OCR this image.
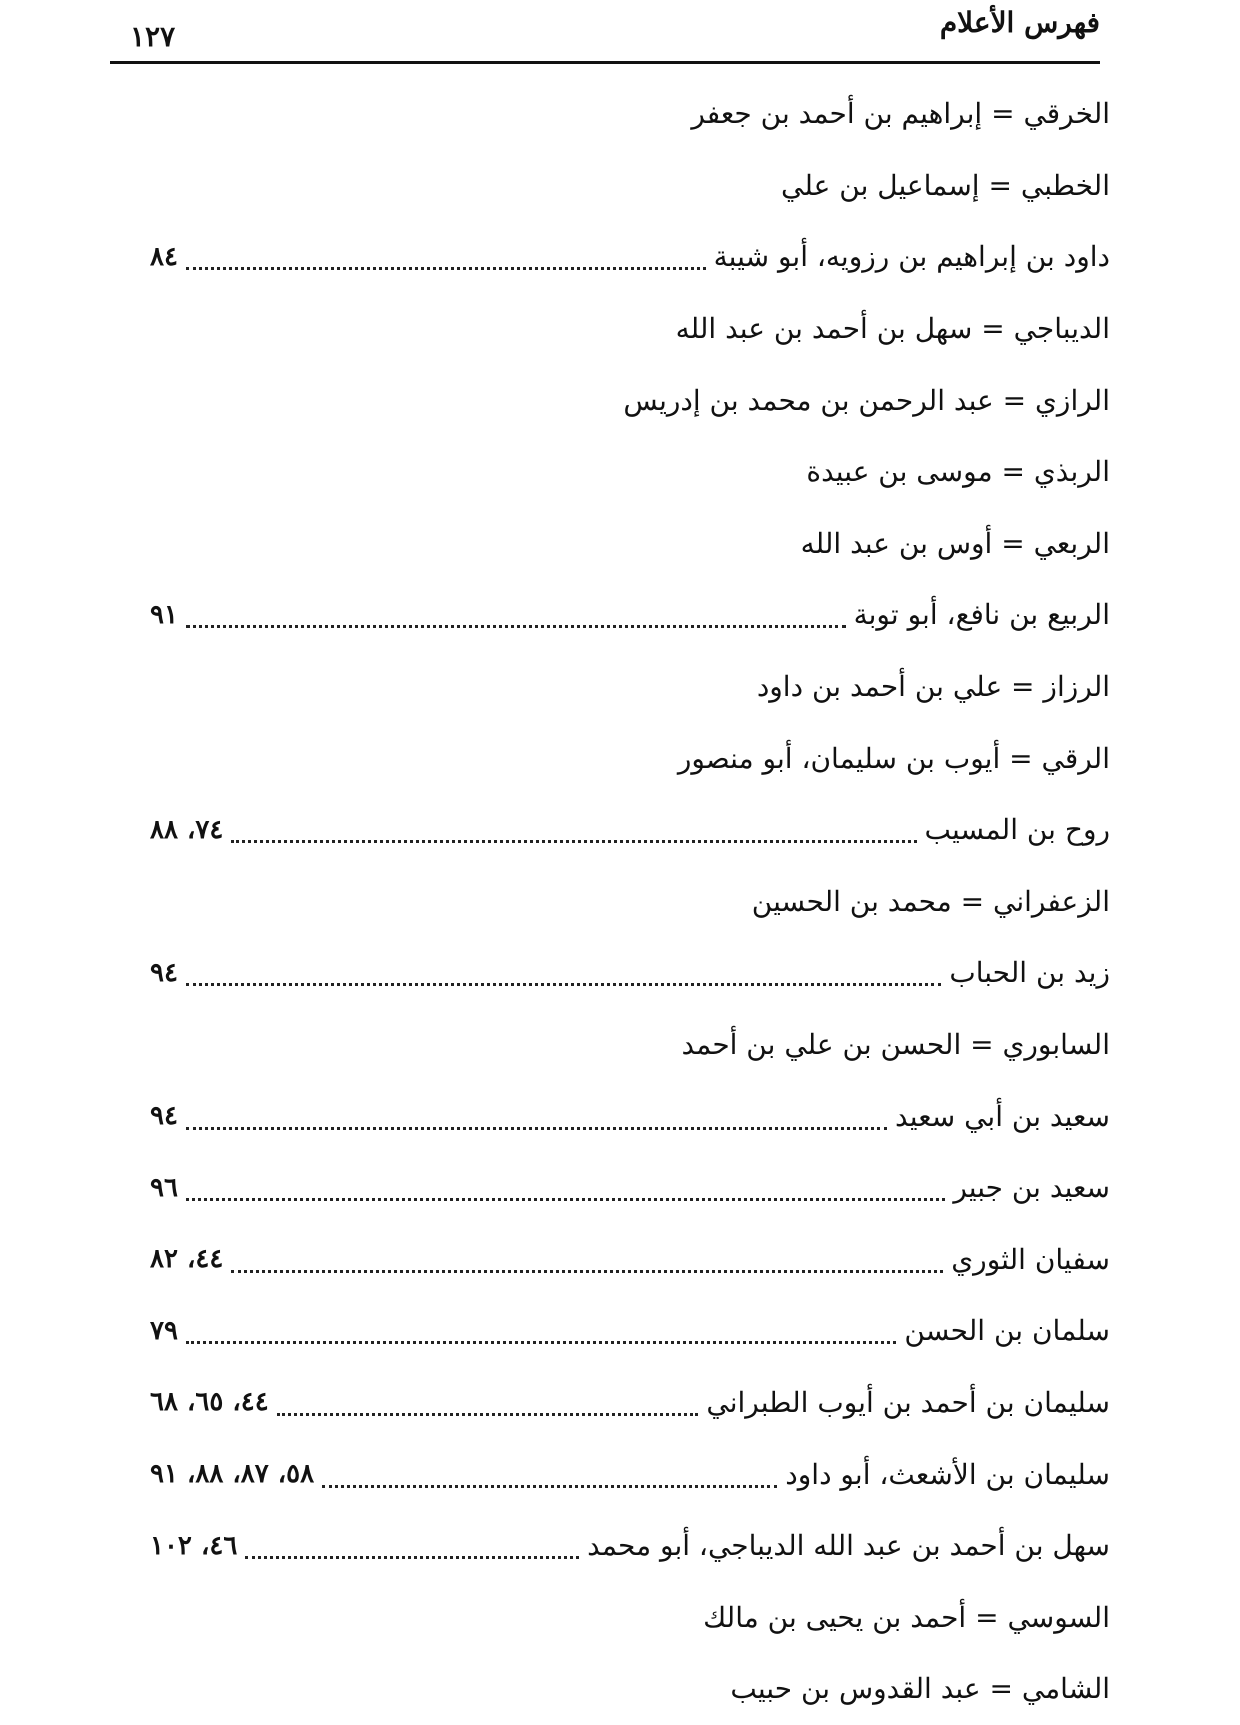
١٢٧	فهرس الأعلام
الخرقي = إبراهيم بن أحمد بن جعفر
الخطبي = إسماعيل بن علي
داود بن إبراهيم بن رزويه، أبو شيبة
٨٤
الديباجي = سهل بن أحمد بن عبد الله
الرازي = عبد الرحمن بن محمد بن إدريس
الربذي = موسى بن عبيدة
الربعي = أوس بن عبد الله
الربيع بن نافع، أبو توبة
٩١
الرزاز = علي بن أحمد بن داود
الرقي = أيوب بن سليمان، أبو منصور
روح بن المسيب
٧٤، ٨٨
الزعفراني = محمد بن الحسين
زيد بن الحباب
٩٤
السابوري = الحسن بن علي بن أحمد
سعيد بن أبي سعيد
٩٤
سعيد بن جبير
٩٦
سفيان الثوري
٤٤، ٨٢
سلمان بن الحسن
٧٩
سليمان بن أحمد بن أيوب الطبراني
٤٤، ٦٥، ٦٨
سليمان بن الأشعث، أبو داود
٥٨، ٨٧، ٨٨، ٩١
سهل بن أحمد بن عبد الله الديباجي، أبو محمد
٤٦، ١٠٢
السوسي = أحمد بن يحيى بن مالك
الشامي = عبد القدوس بن حبيب
